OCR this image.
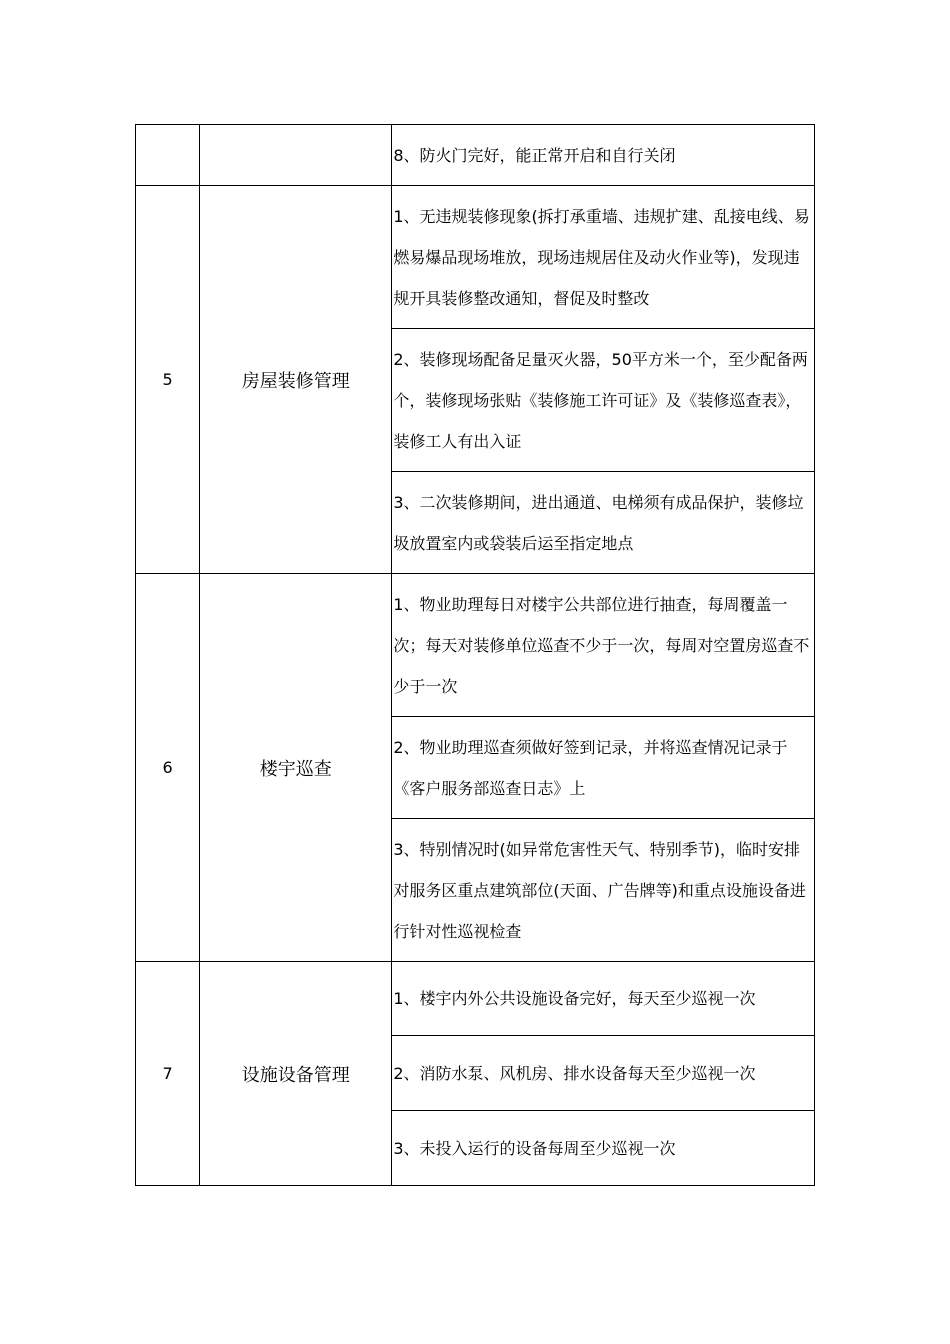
		8、防火门完好，能正常开启和自行关闭
5	房屋装修管理	1、无违规装修现象(拆打承重墙、违规扩建、乱接电线、易燃易爆品现场堆放，现场违规居住及动火作业等)，发现违规开具装修整改通知，督促及时整改
		2、装修现场配备足量灭火器，50平方米一个，至少配备两个，装修现场张贴《装修施工许可证》及《装修巡查表》，装修工人有出入证
		3、二次装修期间，进出通道、电梯须有成品保护，装修垃圾放置室内或袋装后运至指定地点
6	楼宇巡查	1、物业助理每日对楼宇公共部位进行抽查，每周覆盖一次；每天对装修单位巡查不少于一次，每周对空置房巡查不少于一次
		2、物业助理巡查须做好签到记录，并将巡查情况记录于《客户服务部巡查日志》上
		3、特别情况时(如异常危害性天气、特别季节)，临时安排对服务区重点建筑部位(天面、广告牌等)和重点设施设备进行针对性巡视检查
7	设施设备管理	1、楼宇内外公共设施设备完好，每天至少巡视一次
		2、消防水泵、风机房、排水设备每天至少巡视一次
		3、未投入运行的设备每周至少巡视一次
